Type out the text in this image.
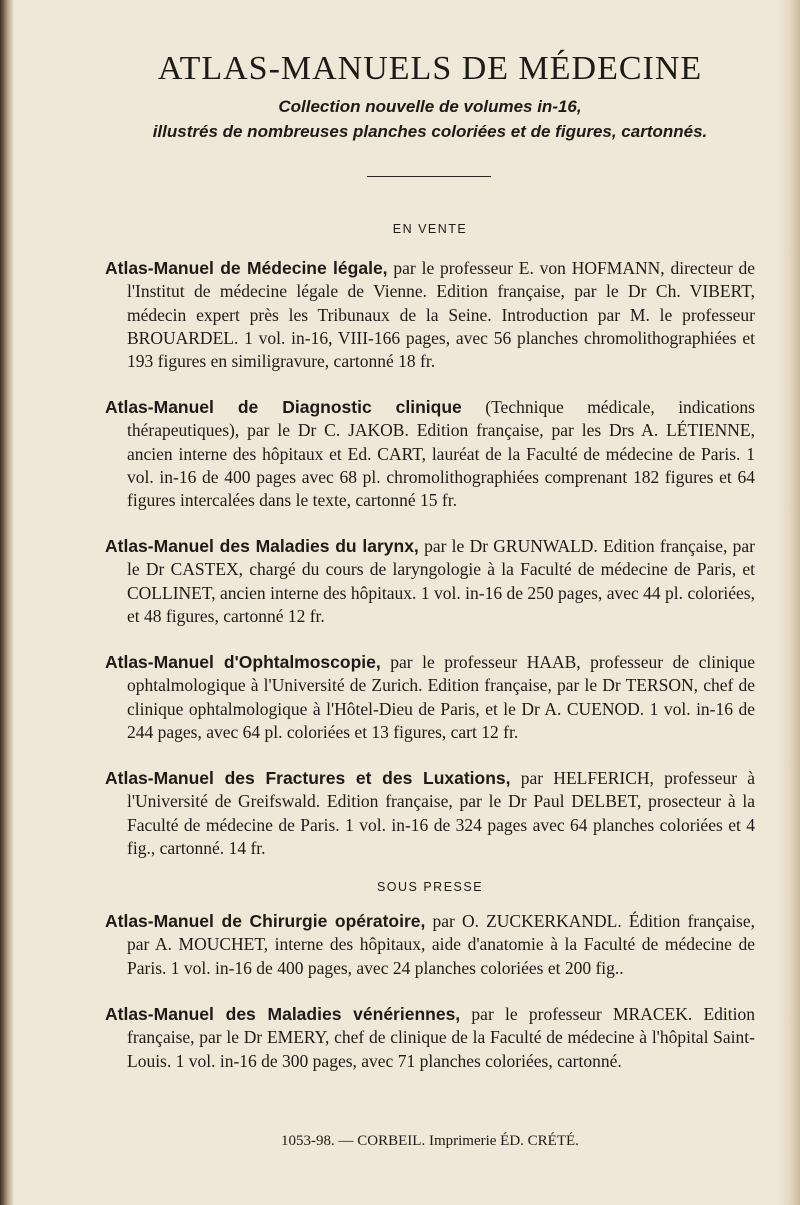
ATLAS-MANUELS DE MÉDECINE

Collection nouvelle de volumes in-16,

illustrés de nombreuses planches coloriées et de figures, cartonnés.

EN VENTE

Atlas-Manuel de Médecine légale, par le professeur E. von HOFMANN, directeur de l'Institut de médecine légale de Vienne. Edition française, par le Dr Ch. VIBERT, médecin expert près les Tribunaux de la Seine. Introduction par M. le professeur BROUARDEL. 1 vol. in-16, VIII-166 pages, avec 56 planches chromolithographiées et 193 figures en similigravure, cartonné 18 fr.

Atlas-Manuel de Diagnostic clinique (Technique médicale, indications thérapeutiques), par le Dr C. JAKOB. Edition française, par les Drs A. LÉTIENNE, ancien interne des hôpitaux et Ed. CART, lauréat de la Faculté de médecine de Paris. 1 vol. in-16 de 400 pages avec 68 pl. chromolithographiées comprenant 182 figures et 64 figures intercalées dans le texte, cartonné 15 fr.

Atlas-Manuel des Maladies du larynx, par le Dr GRUNWALD. Edition française, par le Dr CASTEX, chargé du cours de laryngologie à la Faculté de médecine de Paris, et COLLINET, ancien interne des hôpitaux. 1 vol. in-16 de 250 pages, avec 44 pl. coloriées, et 48 figures, cartonné 12 fr.

Atlas-Manuel d'Ophtalmoscopie, par le professeur HAAB, professeur de clinique ophtalmologique à l'Université de Zurich. Edition française, par le Dr TERSON, chef de clinique ophtalmologique à l'Hôtel-Dieu de Paris, et le Dr A. CUENOD. 1 vol. in-16 de 244 pages, avec 64 pl. coloriées et 13 figures, cart 12 fr.

Atlas-Manuel des Fractures et des Luxations, par HELFERICH, professeur à l'Université de Greifswald. Edition française, par le Dr Paul DELBET, prosecteur à la Faculté de médecine de Paris. 1 vol. in-16 de 324 pages avec 64 planches coloriées et 4 fig., cartonné. 14 fr.

SOUS PRESSE

Atlas-Manuel de Chirurgie opératoire, par O. ZUCKERKANDL. Édition française, par A. MOUCHET, interne des hôpitaux, aide d'anatomie à la Faculté de médecine de Paris. 1 vol. in-16 de 400 pages, avec 24 planches coloriées et 200 fig..

Atlas-Manuel des Maladies vénériennes, par le professeur MRACEK. Edition française, par le Dr EMERY, chef de clinique de la Faculté de médecine à l'hôpital Saint-Louis. 1 vol. in-16 de 300 pages, avec 71 planches coloriées, cartonné.

1053-98. — CORBEIL. Imprimerie ÉD. CRÉTÉ.
